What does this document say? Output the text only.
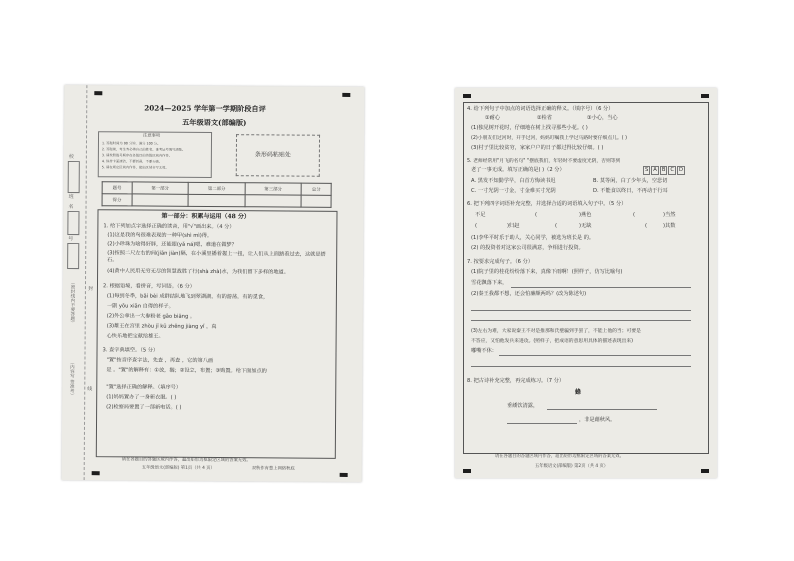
校
班
名
号
（密封线内不要答题）
（内容写 签准考）
封
线
2024—2025 学年第一学期阶段自评
五年级语文(部编版)
注意事项
1. 答题时间为 90 分钟，满分 100 分。
2. 答题前，考生务必将自己的姓名、准考证号填写清楚。
3. 请按照题号顺序在各题目的答题区域内作答。
4. 保持卡面清洁，不要折叠，不要弄破。
5. 请在规定区域内作答，超出区域书写无效。
条形码粘贴处
题号	第一部分	第二部分	第三部分	总分
得分				
第一部分：积累与运用（48 分）
1. 给下列加点字选择正确的读音，用"√"画出来。（4 分）
(1)这是我的鸟很难表现的一种甲(shì mì)得。
(2)小珍珠为啥得好胖，还能眼(yǎ ná)嗯，难道在做梦？
(3)按照二尺左右的间(jiān jiàn)隔，在小溪里播着握上一扭，让人们从上面踏着过去，这就是搭石。
(4)黄中人民用无穷无尽的智慧战胜了行(shà zhà)水，为我们留下多样的地道。
2. 根据语境，看拼音，写词语。（6 分）
(1)每到冬季，bǎi bèi 成群结队地飞到翠湖湖，有的游荡，有的觅食，
一副 yōu xiān 自得的样子。
(2)外公拿出一大参粉老 gāo biāng 。
(3)雄王在宫里 zhòu jī kū zhěng jiàng yǐ ，真
心快乐地把宝献给雄王。
3. 查字典填空。（5 分）
"置"按音序查字法，先查 ，再查 ，它的第八画
是 。"置"的解释有：①放，搁；②设立，布置；③购置。给下面加点的
"置"选择正确的解释。（填序号）
(1)妈妈置办了一身新衣服。( )
(2)检察局要置了一部新电话。( )
请在各题目的答题区域内作答，超出矩形边框限定区域的答案无效。
五年级语文(部编版) 第1页（共 4 页）	双秋作育慧上网络秋底
4. 给下列句子中加点的词语选择正确的释义。（填序号）（6 分）
①耐心	②检省	③小心，当心
(1)独见树开花时，仔细地在树上找寻那些小花。( )
(2)小朋友们过河时，开手过河，妈妈叮嘱我上学过马路时要仔细点儿。( )
(3)村子里比较贫穷，家家户户的日子都过得比较仔细。( )
5. 老师经常用"月飞的名句" "摆底我们，年轻时不要虚度光阴，否则等到
老了一事无成。填写正确的是( )（2 分）	S A B C D
A. 黑发不知勤学早，白首方悔读书迟	B. 莫等闲，白了少年头，空悲切
C. 一寸光阴一寸金，寸金难买寸光阴	D. 不能食以终日，不再动于行耳
6. 把下列四字词语补充完整，并选择合适的词语填入句子中。（5 分）
不足	(	)燕色	(	)当然
(	)归赵	(	)无缺	(	)其数
(1)李华平时乐于助人，关心同学，被选为班长是 的。
(2) 的投资者对这家公司很满意，争相进行投资。
7. 按要求完成句子。（6 分）
(1)院子里的桂花纷纷落下来，真像下雨啊！(照样子，仿写比喻句)
雪花飘落下来，
(2)秦王我都不想，还会怕廉颇两吗？(改为陈述句)
(3)左右为难，大家说秦王不对是推那和氏璧骗到手罢了，不能上他的当；可要是
不答应，又怕他发兵来进攻。(照样子，把成语的意思用具体的描述表现出来)
嘟嘴不休：
8. 把古诗补充完整，再完成练习。（7 分）
蜂
垂緌饮清露，
，非是藉秋风。
请在各题目的答题区域内作答，超出矩形边框限定区域的答案无效。
五年级语文(部编版) 第2页（共 4 页）
